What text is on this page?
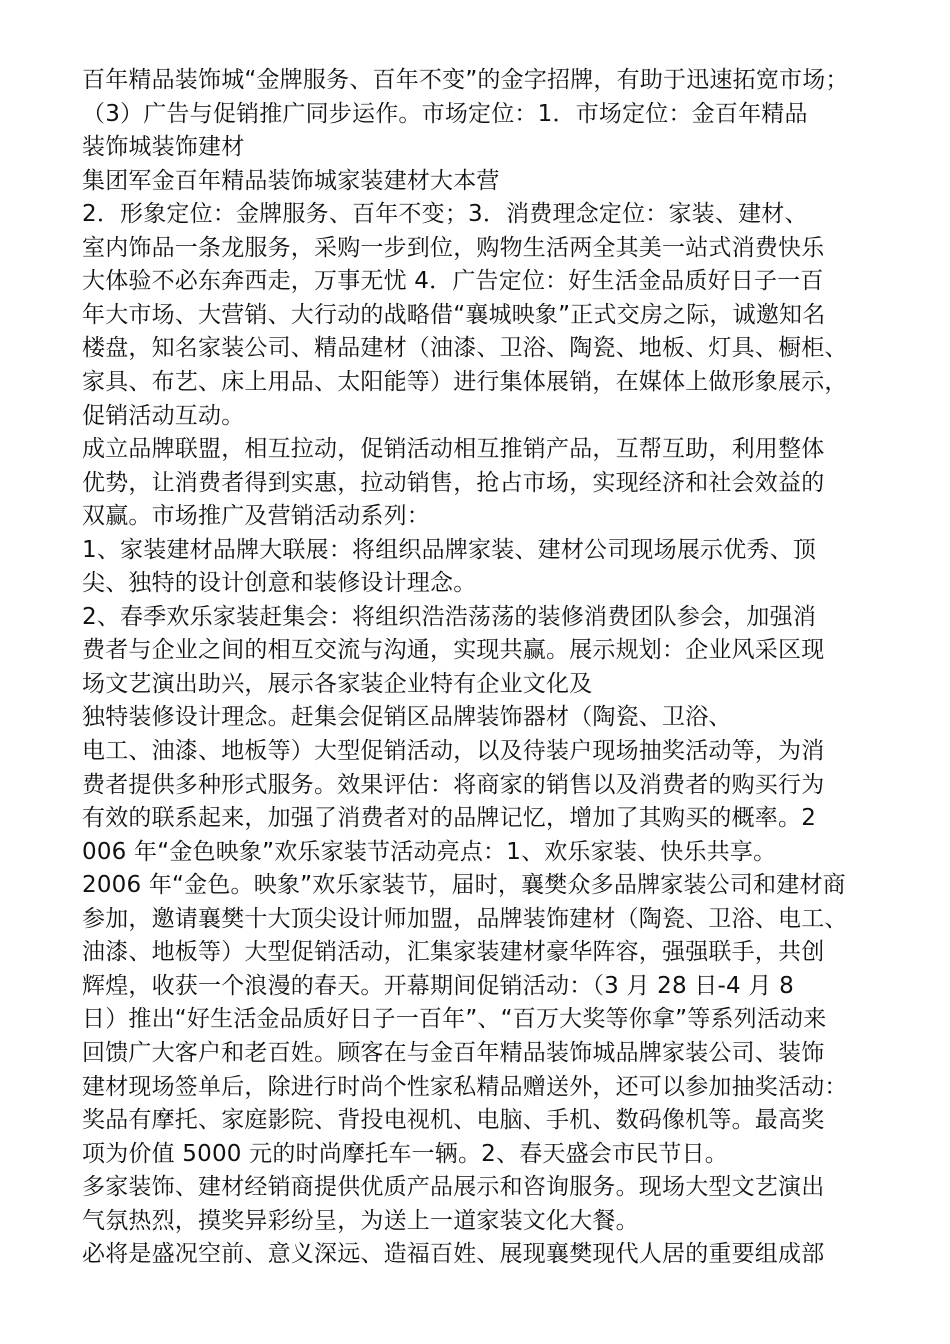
百年精品装饰城“金牌服务、百年不变”的金字招牌，有助于迅速拓宽市场；
（3）广告与促销推广同步运作。市场定位：1．市场定位：金百年精品
装饰城装饰建材
集团军金百年精品装饰城家装建材大本营
2．形象定位：金牌服务、百年不变；3．消费理念定位：家装、建材、
室内饰品一条龙服务，采购一步到位，购物生活两全其美一站式消费快乐
大体验不必东奔西走，万事无忧 4．广告定位：好生活金品质好日子一百
年大市场、大营销、大行动的战略借“襄城映象”正式交房之际，诚邀知名
楼盘，知名家装公司、精品建材（油漆、卫浴、陶瓷、地板、灯具、橱柜、
家具、布艺、床上用品、太阳能等）进行集体展销，在媒体上做形象展示，
促销活动互动。
成立品牌联盟，相互拉动，促销活动相互推销产品，互帮互助，利用整体
优势，让消费者得到实惠，拉动销售，抢占市场，实现经济和社会效益的
双赢。市场推广及营销活动系列：
1、家装建材品牌大联展：将组织品牌家装、建材公司现场展示优秀、顶
尖、独特的设计创意和装修设计理念。
2、春季欢乐家装赶集会：将组织浩浩荡荡的装修消费团队参会，加强消
费者与企业之间的相互交流与沟通，实现共赢。展示规划：企业风采区现
场文艺演出助兴，展示各家装企业特有企业文化及
独特装修设计理念。赶集会促销区品牌装饰器材（陶瓷、卫浴、
电工、油漆、地板等）大型促销活动，以及待装户现场抽奖活动等，为消
费者提供多种形式服务。效果评估：将商家的销售以及消费者的购买行为
有效的联系起来，加强了消费者对的品牌记忆，增加了其购买的概率。2
006 年“金色映象”欢乐家装节活动亮点：1、欢乐家装、快乐共享。
2006 年“金色。映象”欢乐家装节，届时，襄樊众多品牌家装公司和建材商
参加，邀请襄樊十大顶尖设计师加盟，品牌装饰建材（陶瓷、卫浴、电工、
油漆、地板等）大型促销活动，汇集家装建材豪华阵容，强强联手，共创
辉煌，收获一个浪漫的春天。开幕期间促销活动：（3 月 28 日-4 月 8
日）推出“好生活金品质好日子一百年”、“百万大奖等你拿”等系列活动来
回馈广大客户和老百姓。顾客在与金百年精品装饰城品牌家装公司、装饰
建材现场签单后，除进行时尚个性家私精品赠送外，还可以参加抽奖活动：
奖品有摩托、家庭影院、背投电视机、电脑、手机、数码像机等。最高奖
项为价值 5000 元的时尚摩托车一辆。2、春天盛会市民节日。
多家装饰、建材经销商提供优质产品展示和咨询服务。现场大型文艺演出
气氛热烈，摸奖异彩纷呈，为送上一道家装文化大餐。
必将是盛况空前、意义深远、造福百姓、展现襄樊现代人居的重要组成部
